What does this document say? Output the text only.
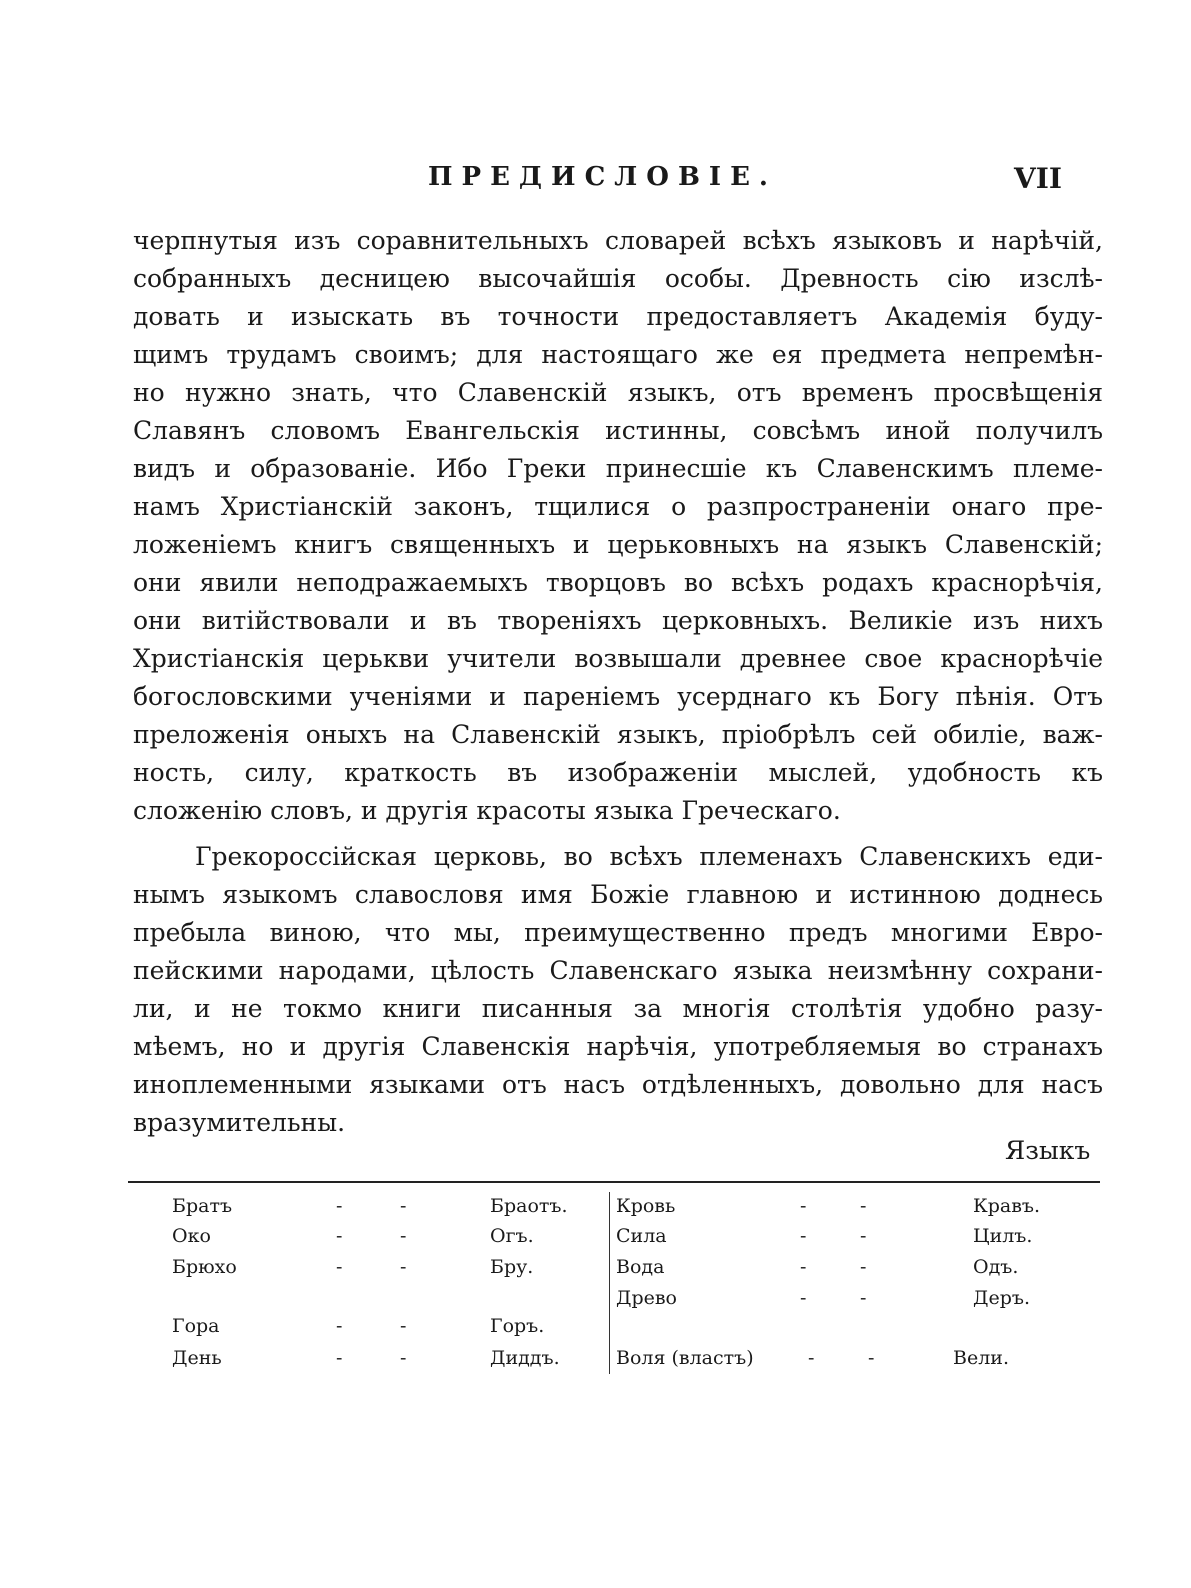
ПРЕДИСЛОВІЕ.	VII
черпнутыя изъ соравнительныхъ словарей всѣхъ языковъ и нарѣчій,
собранныхъ десницею высочайшія особы. Древность сію изслѣ-
довать и изыскать въ точности предоставляетъ Академія буду-
щимъ трудамъ своимъ; для настоящаго же ея предмета непремѣн-
но нужно знать, что Славенскій языкъ, отъ временъ просвѣщенія
Славянъ словомъ Евангельскія истинны, совсѣмъ иной получилъ
видъ и образованіе. Ибо Греки принесшіе къ Славенскимъ племе-
намъ Христіанскій законъ, тщилися о разпространеніи онаго пре-
ложеніемъ книгъ священныхъ и церьковныхъ на языкъ Славенскій;
они явили неподражаемыхъ творцовъ во всѣхъ родахъ краснорѣчія,
они витійствовали и въ твореніяхъ церковныхъ. Великіе изъ нихъ
Христіанскія церькви учители возвышали древнее свое краснорѣчіе
богословскими ученіями и пареніемъ усерднаго къ Богу пѣнія. Отъ
преложенія оныхъ на Славенскій языкъ, пріобрѣлъ сей обиліе, важ-
ность, силу, краткость въ изображеніи мыслей, удобность къ
сложенію словъ, и другія красоты языка Греческаго.
Грекороссійская церковь, во всѣхъ племенахъ Славенскихъ еди-
нымъ языкомъ славословя имя Божіе главною и истинною доднесь
пребыла виною, что мы, преимущественно предъ многими Евро-
пейскими народами, цѣлость Славенскаго языка неизмѣнну сохрани-
ли, и не токмо книги писанныя за многія столѣтія удобно разу-
мѣемъ, но и другія Славенскія нарѣчія, употребляемыя во странахъ
иноплеменными языками отъ насъ отдѣленныхъ, довольно для насъ
вразумительны.
Языкъ
Братъ	-	-	Браотъ.
Око	-	-	Огъ.
Брюхо	-	-	Бру.
Гора	-	-	Горъ.
День	-	-	Диддъ.
Кровь	-	-	Кравъ.
Сила	-	-	Цилъ.
Вода	-	-	Одъ.
Древо	-	-	Деръ.
Воля (властъ)	-	-	Вели.
